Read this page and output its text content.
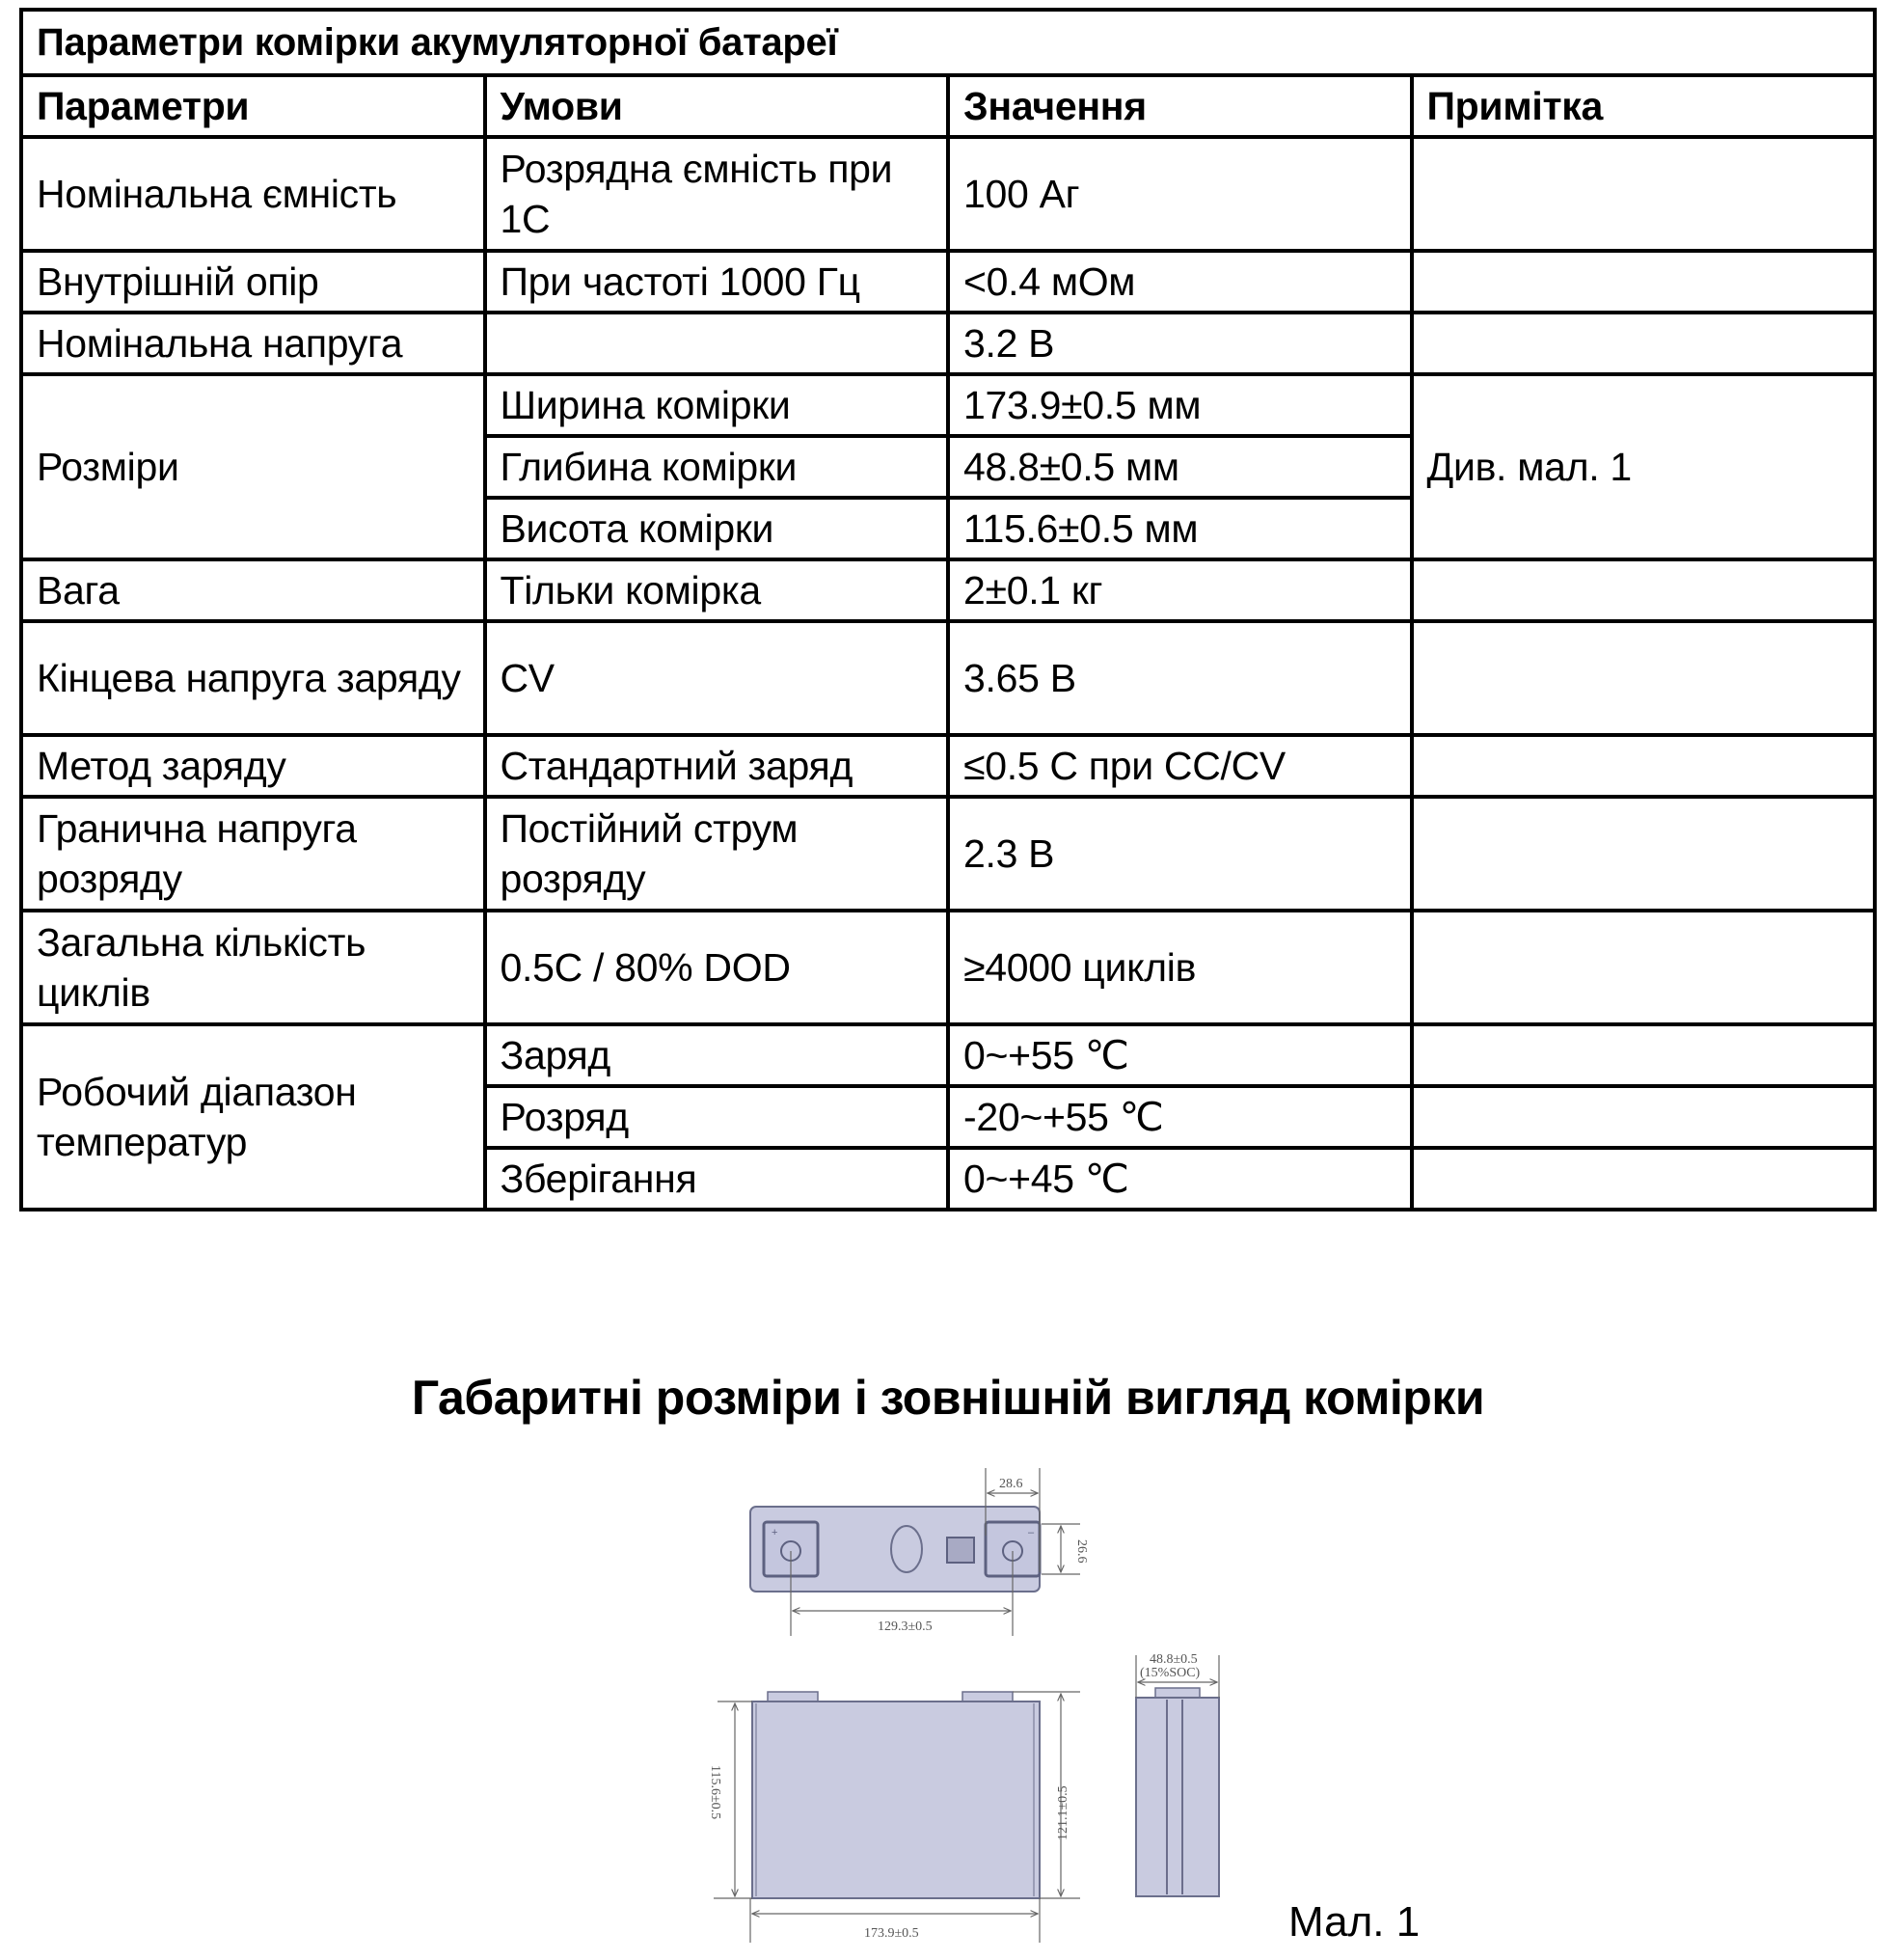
Параметри комірки акумуляторної батареї			
Параметри	Умови	Значення	Примітка
Номінальна ємність	Розрядна ємність при 1С	100 Аг	
Внутрішній опір	При частоті 1000 Гц	<0.4 мОм	
Номінальна напруга		3.2 В	
Розміри	Ширина комірки	173.9±0.5 мм	Див. мал. 1
	Глибина комірки	48.8±0.5 мм	
	Висота комірки	115.6±0.5 мм	
Вага	Тільки комірка	2±0.1 кг	
Кінцева напруга заряду	CV	3.65 В	
Метод заряду	Стандартний заряд	≤0.5 С при CC/CV	
Гранична напруга розряду	Постійний струм розряду	2.3 В	
Загальна кількість циклів	0.5C / 80% DOD	≥4000 циклів	
Робочий діапазон температур	Заряд	0~+55 ℃	
	Розряд	-20~+55 ℃	
	Зберігання	0~+45 ℃	
Габаритні розміри і зовнішній вигляд комірки
+	–
28.6
26.6
129.3±0.5
115.6±0.5	121.1±0.5
173.9±0.5
48.8±0.5
(15%SOC)
Мал. 1
